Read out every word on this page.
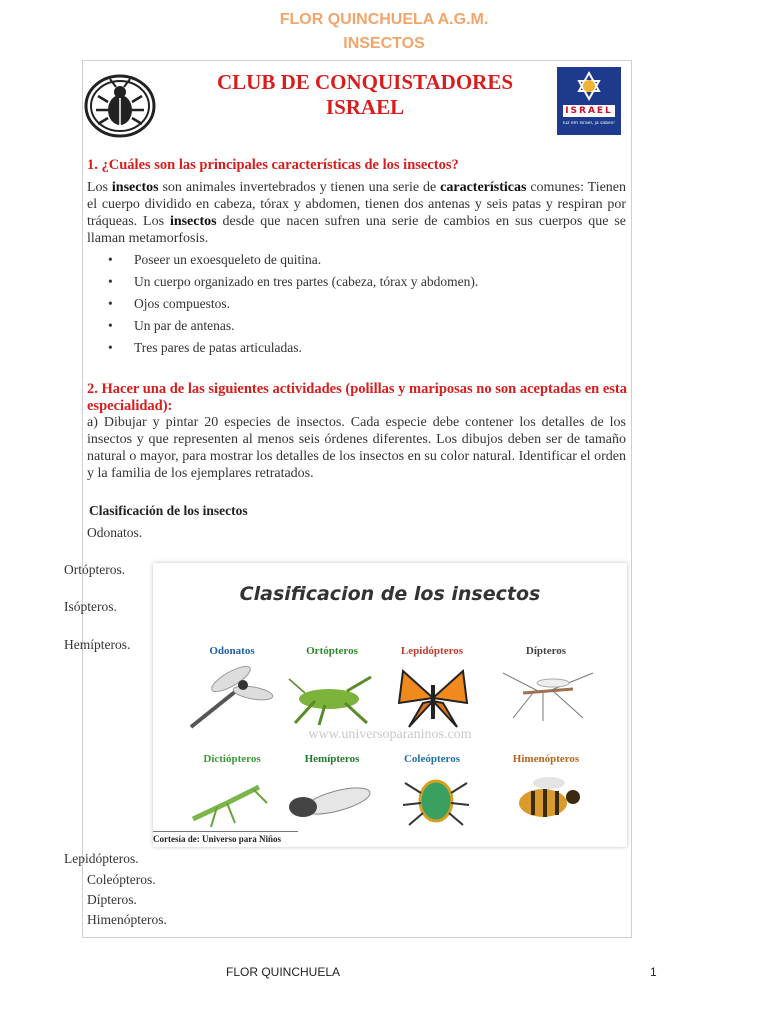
FLOR QUINCHUELA A.G.M.
INSECTOS
CLUB DE CONQUISTADORES
ISRAEL	ISRAEL
luz em Israel, já sabes!
1. ¿Cuáles son las principales características de los insectos?
Los insectos son animales invertebrados y tienen una serie de características comunes: Tienen el cuerpo dividido en cabeza, tórax y abdomen, tienen dos antenas y seis patas y respiran por tráqueas. Los insectos desde que nacen sufren una serie de cambios en sus cuerpos que se llaman metamorfosis.
• Poseer un exoesqueleto de quitina.
• Un cuerpo organizado en tres partes (cabeza, tórax y abdomen).
• Ojos compuestos.
• Un par de antenas.
• Tres pares de patas articuladas.
2. Hacer una de las siguientes actividades (polillas y mariposas no son aceptadas en esta especialidad):
a) Dibujar y pintar 20 especies de insectos. Cada especie debe contener los detalles de los insectos y que representen al menos seis órdenes diferentes. Los dibujos deben ser de tamaño natural o mayor, para mostrar los detalles de los insectos en su color natural. Identificar el orden y la familia de los ejemplares retratados.
Clasificación de los insectos
Odonatos.
Ortópteros.
Isópteros.
Hemípteros.
Lepidópteros.
Coleópteros.
Dípteros.
Himenópteros.
Clasificacion de los insectos
Odonatos	Ortópteros	Lepidópteros	Dípteros
Dictiópteros	Hemípteros	Coleópteros	Himenópteros
www.universoparaninos.com
Cortesía de: Universo para Niños
FLOR QUINCHUELA	1
